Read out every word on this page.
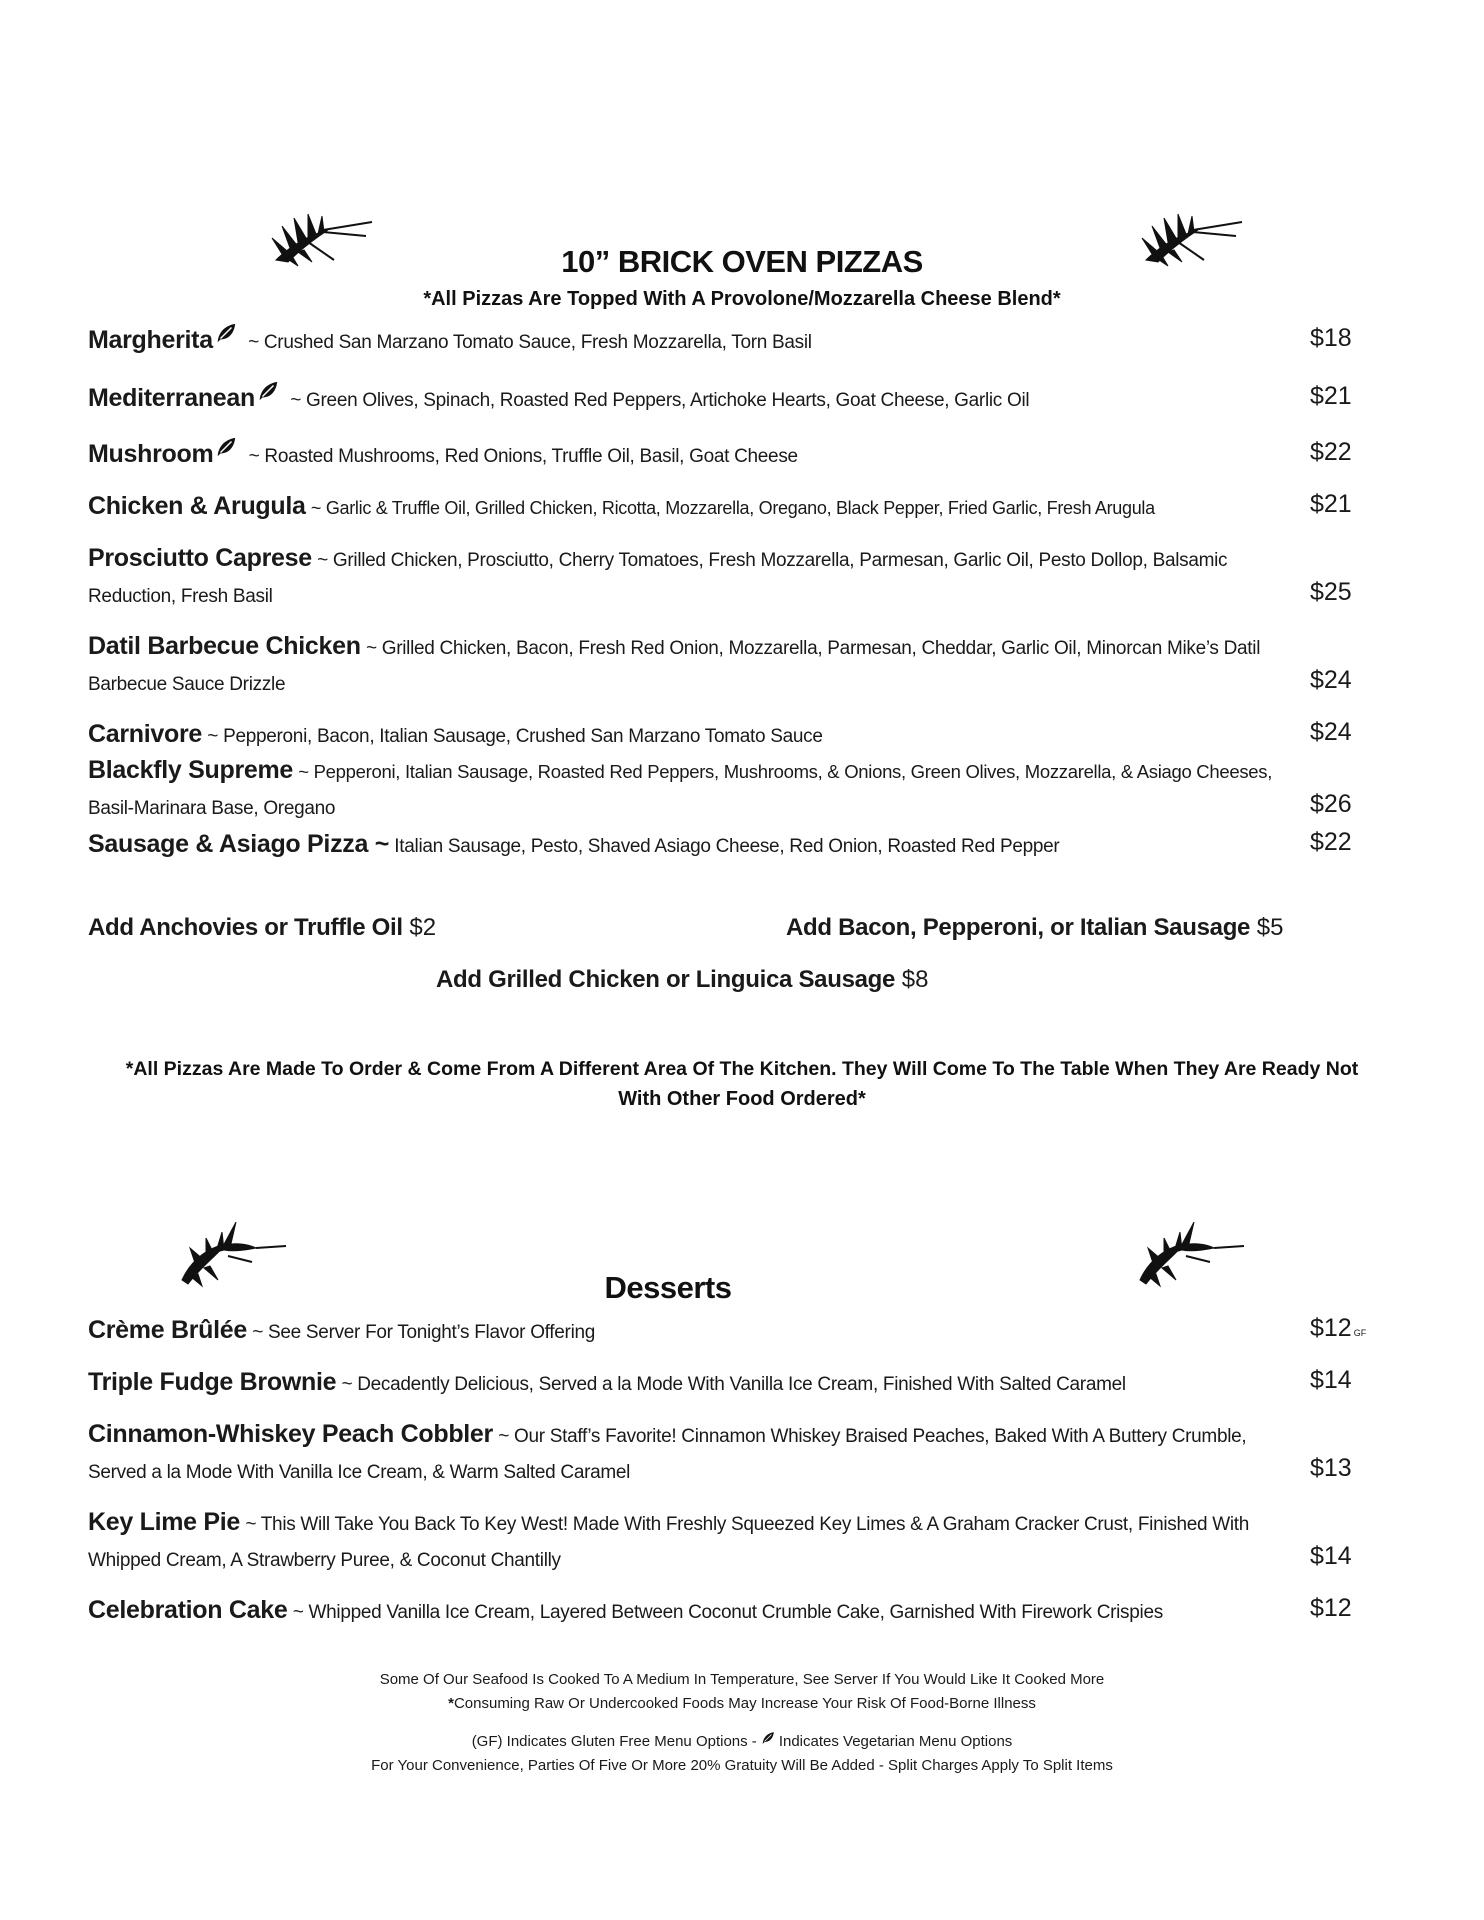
10” BRICK OVEN PIZZAS
*All Pizzas Are Topped With A Provolone/Mozzarella Cheese Blend*
Margherita ~ Crushed San Marzano Tomato Sauce, Fresh Mozzarella, Torn Basil	$18
Mediterranean ~ Green Olives, Spinach, Roasted Red Peppers, Artichoke Hearts, Goat Cheese, Garlic Oil	$21
Mushroom ~ Roasted Mushrooms, Red Onions, Truffle Oil, Basil, Goat Cheese	$22
Chicken & Arugula ~ Garlic & Truffle Oil, Grilled Chicken, Ricotta, Mozzarella, Oregano, Black Pepper, Fried Garlic, Fresh Arugula	$21
Prosciutto Caprese ~ Grilled Chicken, Prosciutto, Cherry Tomatoes, Fresh Mozzarella, Parmesan, Garlic Oil, Pesto Dollop, Balsamic
Reduction, Fresh Basil	$25
Datil Barbecue Chicken ~ Grilled Chicken, Bacon, Fresh Red Onion, Mozzarella, Parmesan, Cheddar, Garlic Oil, Minorcan Mike’s Datil
Barbecue Sauce Drizzle	$24
Carnivore ~ Pepperoni, Bacon, Italian Sausage, Crushed San Marzano Tomato Sauce	$24
Blackfly Supreme ~ Pepperoni, Italian Sausage, Roasted Red Peppers, Mushrooms, & Onions, Green Olives, Mozzarella, & Asiago Cheeses,
Basil-Marinara Base, Oregano	$26
Sausage & Asiago Pizza ~ Italian Sausage, Pesto, Shaved Asiago Cheese, Red Onion, Roasted Red Pepper	$22
Add Anchovies or Truffle Oil $2	Add Bacon, Pepperoni, or Italian Sausage $5
Add Grilled Chicken or Linguica Sausage $8
*All Pizzas Are Made To Order & Come From A Different Area Of The Kitchen. They Will Come To The Table When They Are Ready Not
With Other Food Ordered*
Desserts
Crème Brûlée ~ See Server For Tonight’s Flavor Offering	$12 GF
Triple Fudge Brownie ~ Decadently Delicious, Served a la Mode With Vanilla Ice Cream, Finished With Salted Caramel	$14
Cinnamon-Whiskey Peach Cobbler ~ Our Staff’s Favorite! Cinnamon Whiskey Braised Peaches, Baked With A Buttery Crumble,
Served a la Mode With Vanilla Ice Cream, & Warm Salted Caramel	$13
Key Lime Pie ~ This Will Take You Back To Key West! Made With Freshly Squeezed Key Limes & A Graham Cracker Crust, Finished With
Whipped Cream, A Strawberry Puree, & Coconut Chantilly	$14
Celebration Cake ~ Whipped Vanilla Ice Cream, Layered Between Coconut Crumble Cake, Garnished With Firework Crispies	$12
Some Of Our Seafood Is Cooked To A Medium In Temperature, See Server If You Would Like It Cooked More
*Consuming Raw Or Undercooked Foods May Increase Your Risk Of Food-Borne Illness
(GF) Indicates Gluten Free Menu Options - Indicates Vegetarian Menu Options
For Your Convenience, Parties Of Five Or More 20% Gratuity Will Be Added - Split Charges Apply To Split Items
